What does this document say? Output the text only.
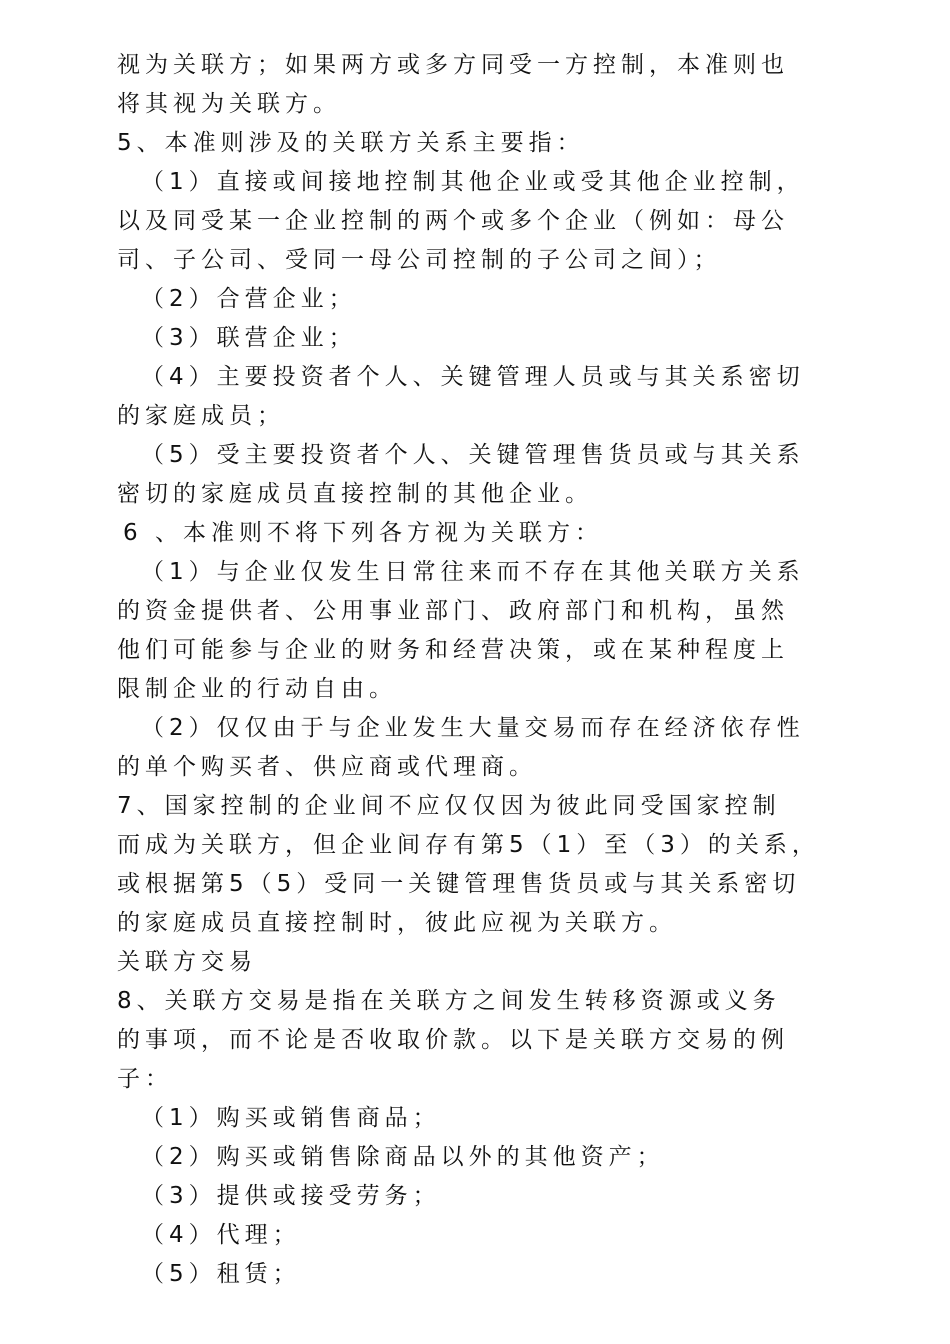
视为关联方；如果两方或多方同受一方控制，本准则也
将其视为关联方。
5、本准则涉及的关联方关系主要指：
（1）直接或间接地控制其他企业或受其他企业控制，
以及同受某一企业控制的两个或多个企业（例如：母公
司、子公司、受同一母公司控制的子公司之间）；
（2）合营企业；
（3）联营企业；
（4）主要投资者个人、关键管理人员或与其关系密切
的家庭成员；
（5）受主要投资者个人、关键管理售货员或与其关系
密切的家庭成员直接控制的其他企业。
6 、本准则不将下列各方视为关联方：
（1）与企业仅发生日常往来而不存在其他关联方关系
的资金提供者、公用事业部门、政府部门和机构，虽然
他们可能参与企业的财务和经营决策，或在某种程度上
限制企业的行动自由。
（2）仅仅由于与企业发生大量交易而存在经济依存性
的单个购买者、供应商或代理商。
7、国家控制的企业间不应仅仅因为彼此同受国家控制
而成为关联方，但企业间存有第5（1）至（3）的关系，
或根据第5（5）受同一关键管理售货员或与其关系密切
的家庭成员直接控制时，彼此应视为关联方。
关联方交易
8、关联方交易是指在关联方之间发生转移资源或义务
的事项，而不论是否收取价款。以下是关联方交易的例
子：
（1）购买或销售商品；
（2）购买或销售除商品以外的其他资产；
（3）提供或接受劳务；
（4）代理；
（5）租赁；
